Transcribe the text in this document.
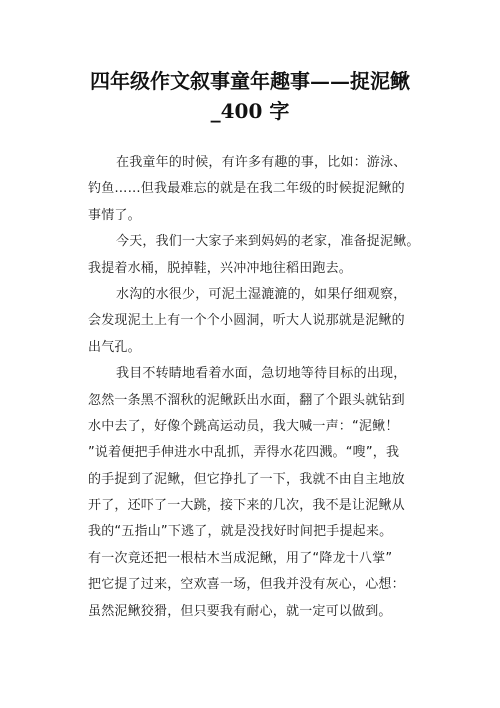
四年级作文叙事童年趣事——捉泥鳅
_400 字
在我童年的时候，有许多有趣的事，比如：游泳、
钓鱼……但我最难忘的就是在我二年级的时候捉泥鳅的
事情了。
今天，我们一大家子来到妈妈的老家，准备捉泥鳅。
我提着水桶，脱掉鞋，兴冲冲地往稻田跑去。
水沟的水很少，可泥土湿漉漉的，如果仔细观察，
会发现泥土上有一个个小圆洞，听大人说那就是泥鳅的
出气孔。
我目不转睛地看着水面，急切地等待目标的出现，
忽然一条黑不溜秋的泥鳅跃出水面，翻了个跟头就钻到
水中去了，好像个跳高运动员，我大喊一声：“泥鳅！
”说着便把手伸进水中乱抓，弄得水花四溅。“嗖”，我
的手捉到了泥鳅，但它挣扎了一下，我就不由自主地放
开了，还吓了一大跳，接下来的几次，我不是让泥鳅从
我的“五指山”下逃了，就是没找好时间把手提起来。
有一次竟还把一根枯木当成泥鳅，用了“降龙十八掌”
把它提了过来，空欢喜一场，但我并没有灰心，心想：
虽然泥鳅狡猾，但只要我有耐心，就一定可以做到。
